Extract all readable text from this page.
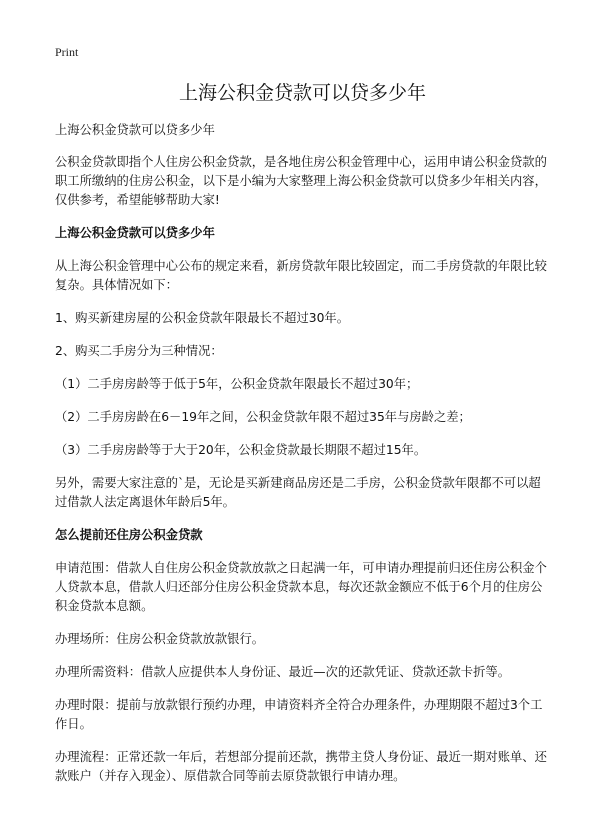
Print
上海公积金贷款可以贷多少年

上海公积金贷款可以贷多少年

公积金贷款即指个人住房公积金贷款，是各地住房公积金管理中心，运用申请公积金贷款的职工所缴纳的住房公积金，以下是小编为大家整理上海公积金贷款可以贷多少年相关内容，仅供参考，希望能够帮助大家!

上海公积金贷款可以贷多少年

从上海公积金管理中心公布的规定来看，新房贷款年限比较固定，而二手房贷款的年限比较复杂。具体情况如下：

1、购买新建房屋的公积金贷款年限最长不超过30年。

2、购买二手房分为三种情况：

（1）二手房房龄等于低于5年，公积金贷款年限最长不超过30年；

（2）二手房房龄在6－19年之间，公积金贷款年限不超过35年与房龄之差；

（3）二手房房龄等于大于20年，公积金贷款最长期限不超过15年。

另外，需要大家注意的`是，无论是买新建商品房还是二手房，公积金贷款年限都不可以超过借款人法定离退休年龄后5年。

怎么提前还住房公积金贷款

申请范围：借款人自住房公积金贷款放款之日起满一年，可申请办理提前归还住房公积金个人贷款本息，借款人归还部分住房公积金贷款本息，每次还款金额应不低于6个月的住房公积金贷款本息额。

办理场所：住房公积金贷款放款银行。

办理所需资料：借款人应提供本人身份证、最近—次的还款凭证、贷款还款卡折等。

办理时限：提前与放款银行预约办理，申请资料齐全符合办理条件，办理期限不超过3个工作日。

办理流程：正常还款一年后，若想部分提前还款，携带主贷人身份证、最近一期对账单、还款账户（并存入现金）、原借款合同等前去原贷款银行申请办理。
